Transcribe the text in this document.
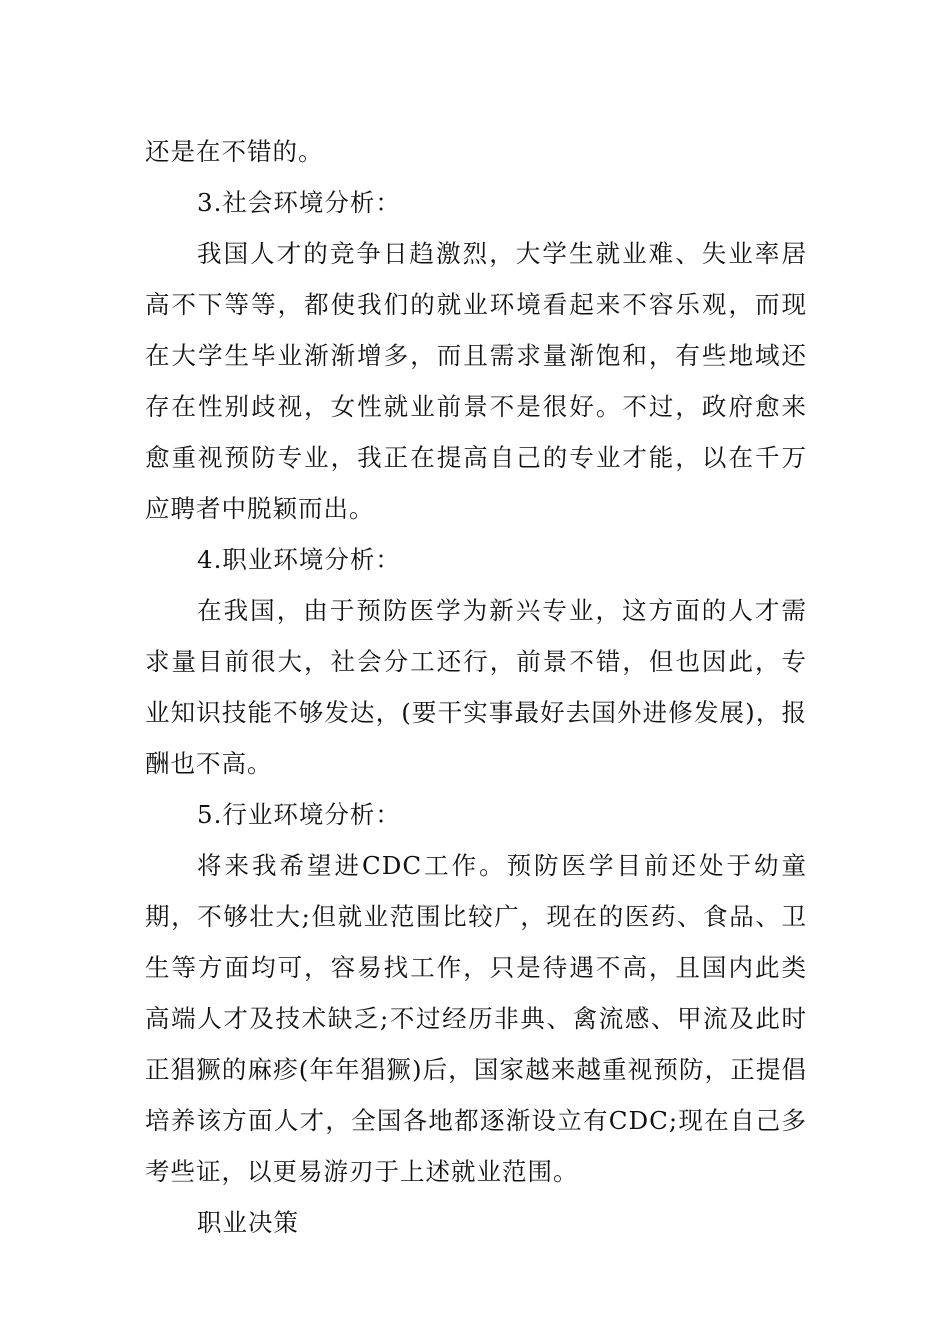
还是在不错的。

3.社会环境分析：

我国人才的竞争日趋激烈，大学生就业难、失业率居高不下等等，都使我们的就业环境看起来不容乐观，而现在大学生毕业渐渐增多，而且需求量渐饱和，有些地域还存在性别歧视，女性就业前景不是很好。不过，政府愈来愈重视预防专业，我正在提高自己的专业才能，以在千万应聘者中脱颖而出。

4.职业环境分析：

在我国，由于预防医学为新兴专业，这方面的人才需求量目前很大，社会分工还行，前景不错，但也因此，专业知识技能不够发达，(要干实事最好去国外进修发展)，报酬也不高。

5.行业环境分析：

将来我希望进CDC工作。预防医学目前还处于幼童期，不够壮大;但就业范围比较广，现在的医药、食品、卫生等方面均可，容易找工作，只是待遇不高，且国内此类高端人才及技术缺乏;不过经历非典、禽流感、甲流及此时正猖獗的麻疹(年年猖獗)后，国家越来越重视预防，正提倡培养该方面人才，全国各地都逐渐设立有CDC;现在自己多考些证，以更易游刃于上述就业范围。

职业决策
